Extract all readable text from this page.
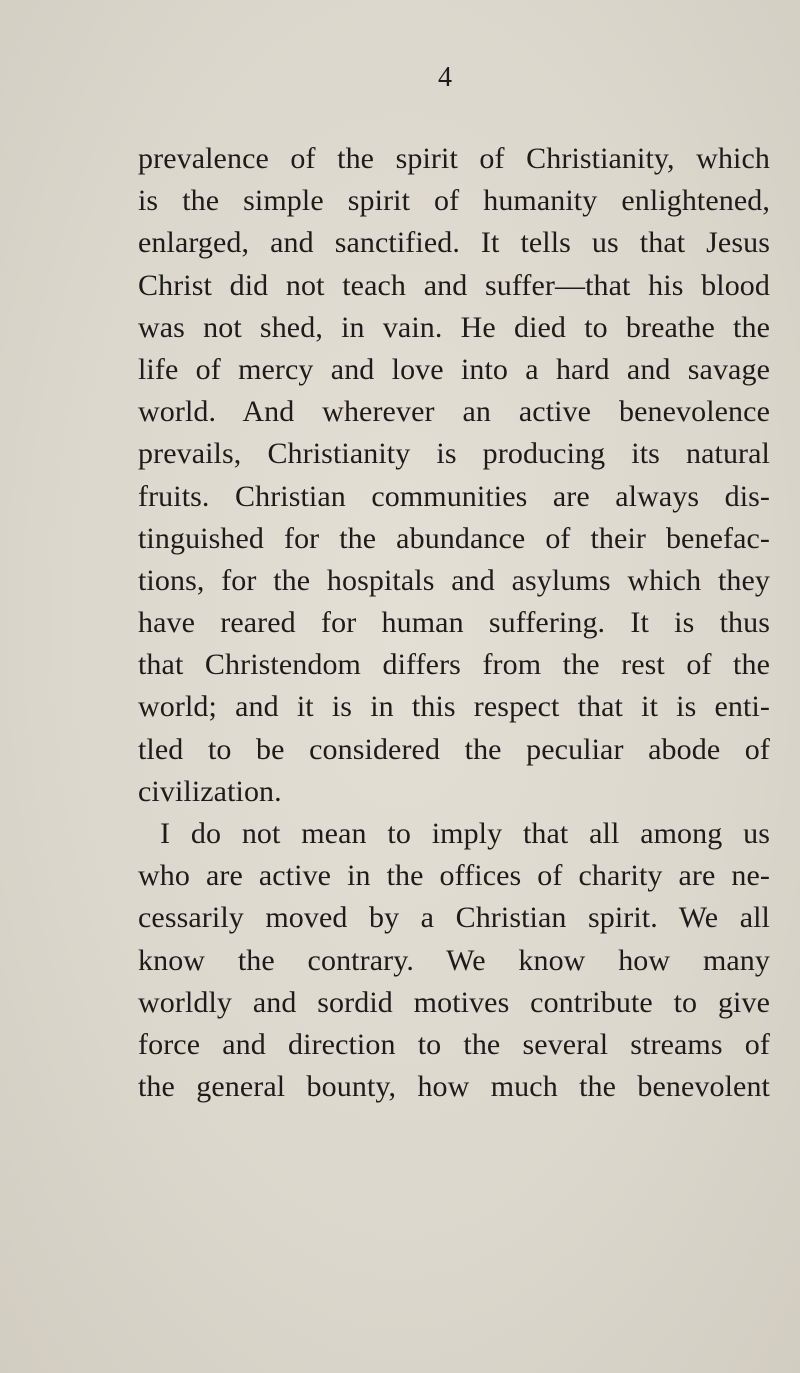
4
prevalence of the spirit of Christianity, which
is the simple spirit of humanity enlightened,
enlarged, and sanctified. It tells us that Jesus
Christ did not teach and suffer—that his blood
was not shed, in vain. He died to breathe the
life of mercy and love into a hard and savage
world. And wherever an active benevolence
prevails, Christianity is producing its natural
fruits. Christian communities are always dis-
tinguished for the abundance of their benefac-
tions, for the hospitals and asylums which they
have reared for human suffering. It is thus
that Christendom differs from the rest of the
world; and it is in this respect that it is enti-
tled to be considered the peculiar abode of
civilization.
I do not mean to imply that all among us
who are active in the offices of charity are ne-
cessarily moved by a Christian spirit. We all
know the contrary. We know how many
worldly and sordid motives contribute to give
force and direction to the several streams of
the general bounty, how much the benevolent
